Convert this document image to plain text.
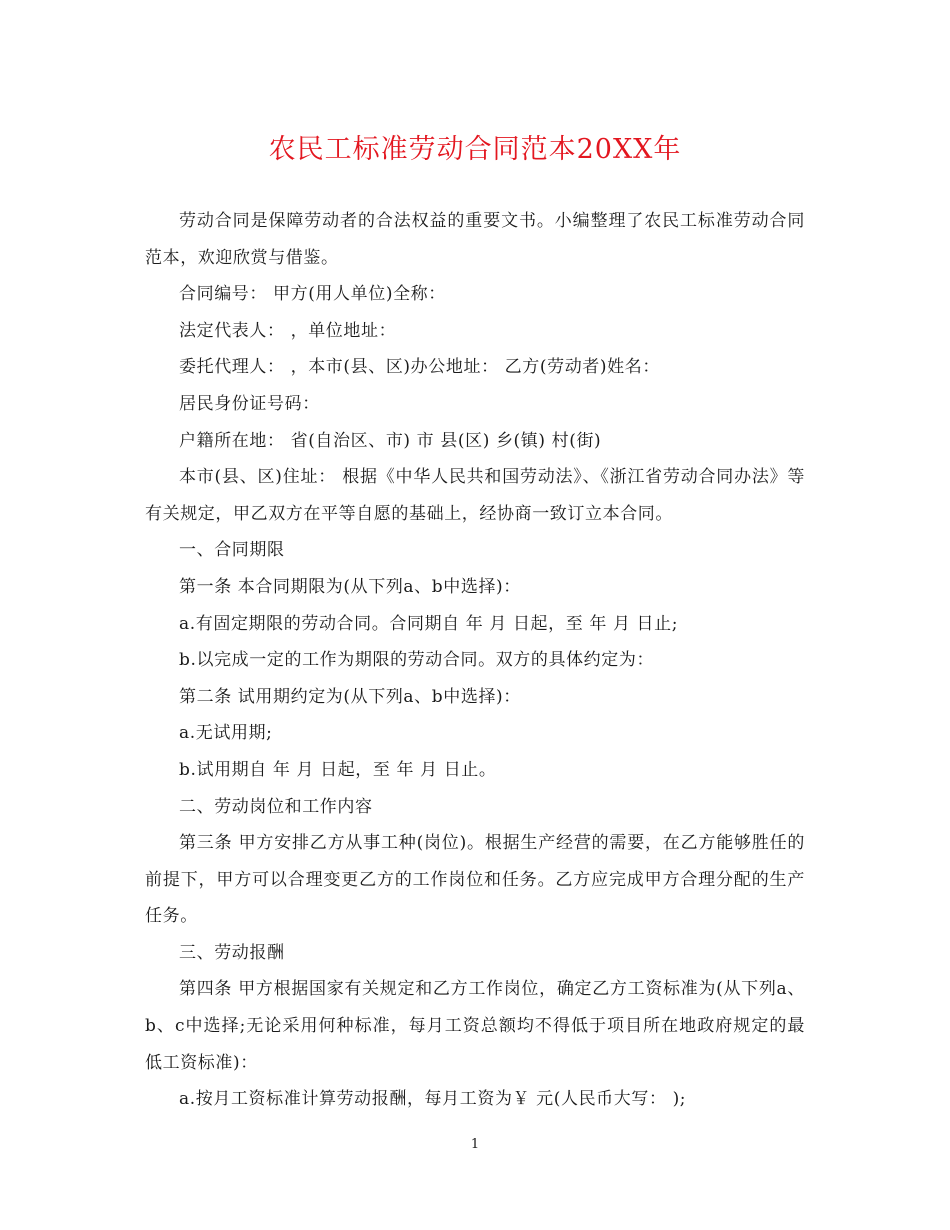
农民工标准劳动合同范本20XX年

劳动合同是保障劳动者的合法权益的重要文书。小编整理了农民工标准劳动合同范本，欢迎欣赏与借鉴。

合同编号： 甲方(用人单位)全称：

法定代表人： ，单位地址：

委托代理人： ，本市(县、区)办公地址： 乙方(劳动者)姓名：

居民身份证号码：

户籍所在地： 省(自治区、市) 市 县(区) 乡(镇) 村(街)

本市(县、区)住址： 根据《中华人民共和国劳动法》、《浙江省劳动合同办法》等有关规定，甲乙双方在平等自愿的基础上，经协商一致订立本合同。

一、合同期限

第一条 本合同期限为(从下列a、b中选择)：

a.有固定期限的劳动合同。合同期自 年 月 日起，至 年 月 日止;

b.以完成一定的工作为期限的劳动合同。双方的具体约定为：

第二条 试用期约定为(从下列a、b中选择)：

a.无试用期;

b.试用期自 年 月 日起，至 年 月 日止。

二、劳动岗位和工作内容

第三条 甲方安排乙方从事工种(岗位)。根据生产经营的需要，在乙方能够胜任的前提下，甲方可以合理变更乙方的工作岗位和任务。乙方应完成甲方合理分配的生产任务。

三、劳动报酬

第四条 甲方根据国家有关规定和乙方工作岗位，确定乙方工资标准为(从下列a、b、c中选择;无论采用何种标准，每月工资总额均不得低于项目所在地政府规定的最低工资标准)：

a.按月工资标准计算劳动报酬，每月工资为￥ 元(人民币大写： );

1
